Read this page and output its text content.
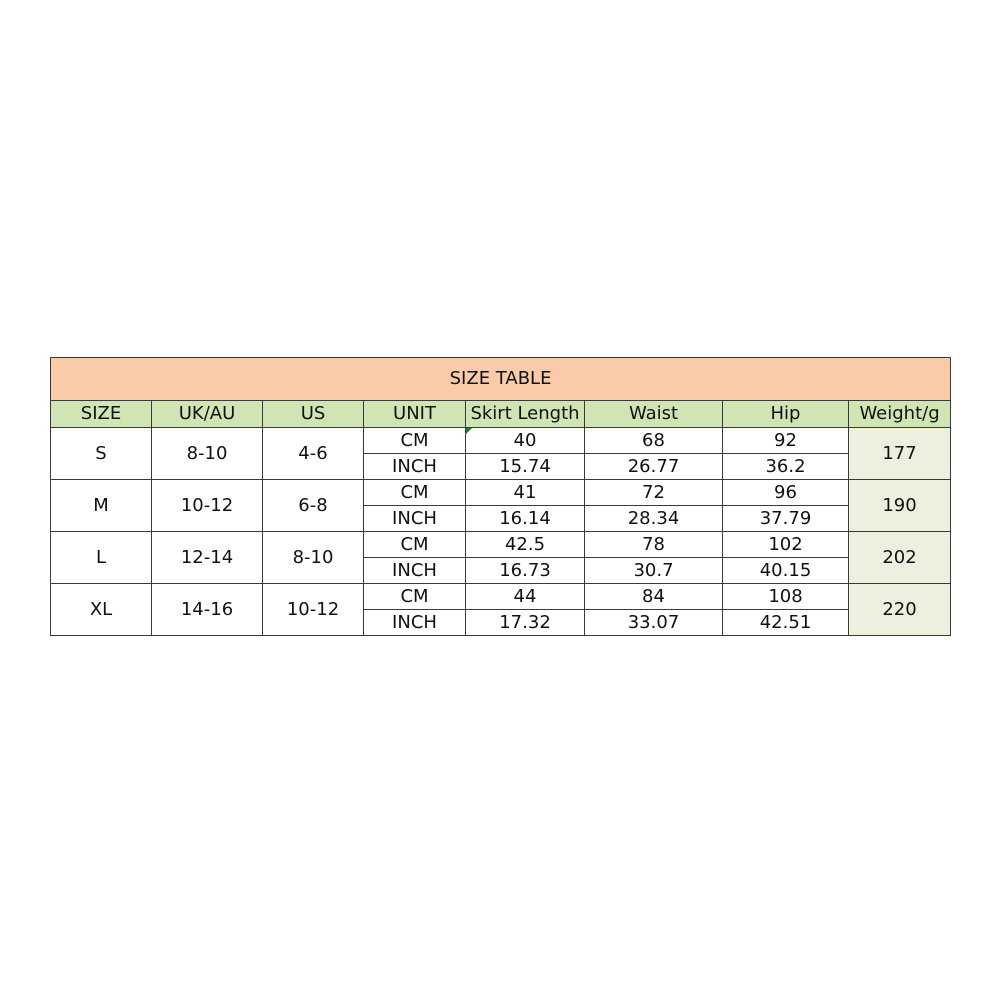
SIZE TABLE							
SIZE	UK/AU	US	UNIT	Skirt Length	Waist	Hip	Weight/g
S	8-10	4-6	CM	40	68	92	177
			INCH	15.74	26.77	36.2	
M	10-12	6-8	CM	41	72	96	190
			INCH	16.14	28.34	37.79	
L	12-14	8-10	CM	42.5	78	102	202
			INCH	16.73	30.7	40.15	
XL	14-16	10-12	CM	44	84	108	220
			INCH	17.32	33.07	42.51	
